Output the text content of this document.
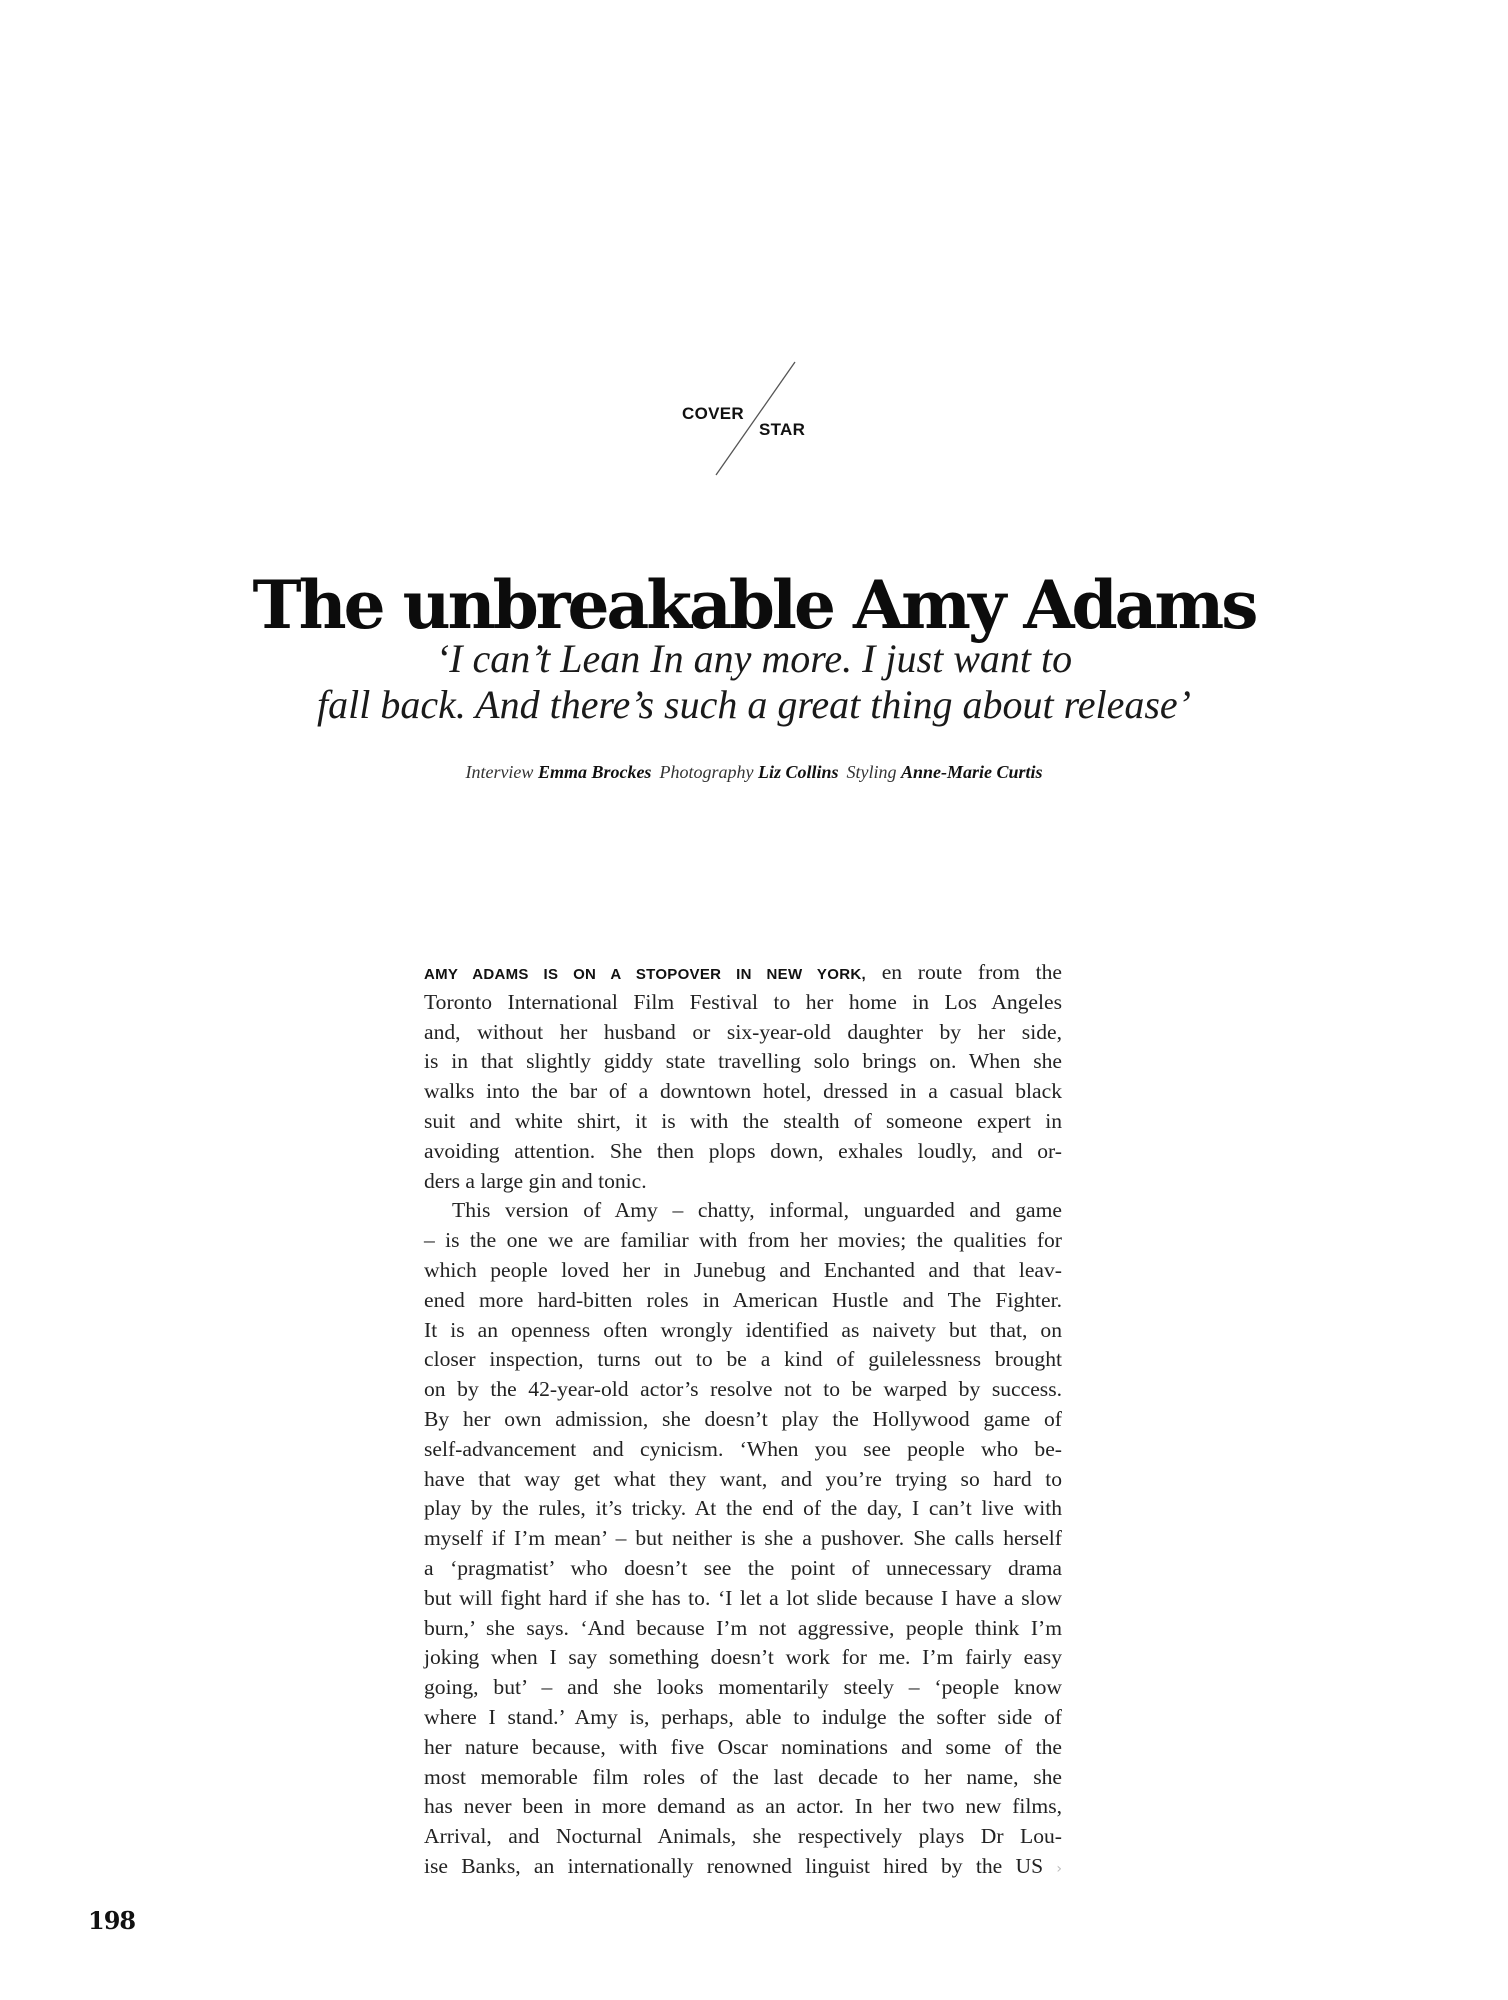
COVER
STAR
The unbreakable Amy Adams
‘I can’t Lean In any more. I just want to
fall back. And there’s such a great thing about release’
Interview Emma Brockes Photography Liz Collins Styling Anne-Marie Curtis
AMY ADAMS IS ON A STOPOVER IN NEW YORK, en route from the
Toronto International Film Festival to her home in Los Angeles
and, without her husband or six-year-old daughter by her side,
is in that slightly giddy state travelling solo brings on. When she
walks into the bar of a downtown hotel, dressed in a casual black
suit and white shirt, it is with the stealth of someone expert in
avoiding attention. She then plops down, exhales loudly, and or-
ders a large gin and tonic.
This version of Amy – chatty, informal, unguarded and game
– is the one we are familiar with from her movies; the qualities for
which people loved her in Junebug and Enchanted and that leav-
ened more hard-bitten roles in American Hustle and The Fighter.
It is an openness often wrongly identified as naivety but that, on
closer inspection, turns out to be a kind of guilelessness brought
on by the 42-year-old actor’s resolve not to be warped by success.
By her own admission, she doesn’t play the Hollywood game of
self-advancement and cynicism. ‘When you see people who be-
have that way get what they want, and you’re trying so hard to
play by the rules, it’s tricky. At the end of the day, I can’t live with
myself if I’m mean’ – but neither is she a pushover. She calls herself
a ‘pragmatist’ who doesn’t see the point of unnecessary drama
but will fight hard if she has to. ‘I let a lot slide because I have a slow
burn,’ she says. ‘And because I’m not aggressive, people think I’m
joking when I say something doesn’t work for me. I’m fairly easy
going, but’ – and she looks momentarily steely – ‘people know
where I stand.’ Amy is, perhaps, able to indulge the softer side of
her nature because, with five Oscar nominations and some of the
most memorable film roles of the last decade to her name, she
has never been in more demand as an actor. In her two new films,
Arrival, and Nocturnal Animals, she respectively plays Dr Lou-
ise Banks, an internationally renowned linguist hired by the US ›
198
